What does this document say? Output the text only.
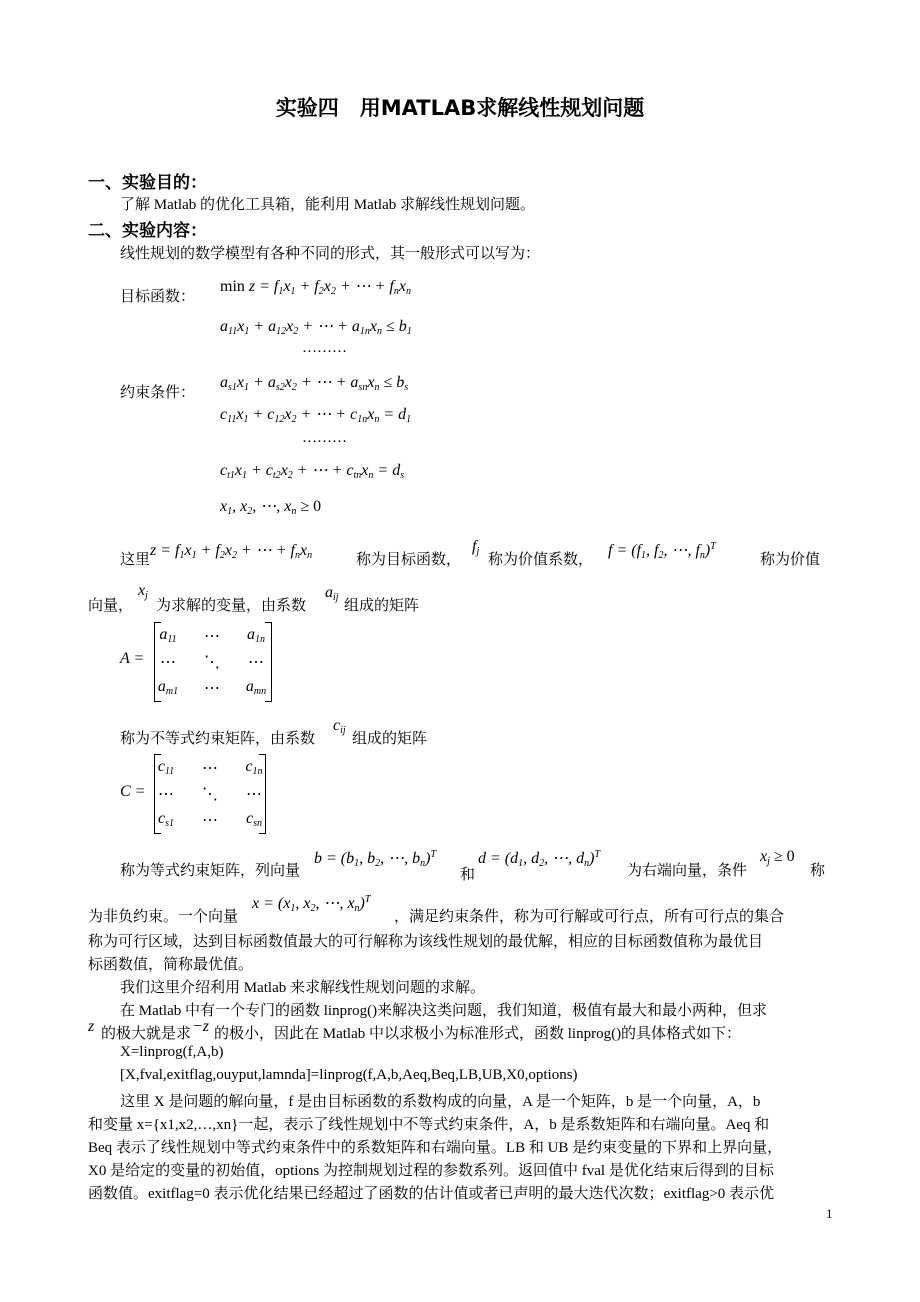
实验四　用MATLAB求解线性规划问题
一、实验目的：
了解 Matlab 的优化工具箱，能利用 Matlab 求解线性规划问题。
二、实验内容：
线性规划的数学模型有各种不同的形式，其一般形式可以写为：
目标函数：
$\min z = f_1x_1 + f_2x_2$ + ⋯ + $f_nx_n$
$a_{11}x_1 + a_{12}x_2$ + ⋯ + $a_{1n}x_n \le b_1$
………
约束条件：
$a_{s1}x_1 + a_{s2}x_2$ + ⋯ + $a_{sn}x_n \le b_s$
$c_{11}x_1 + c_{12}x_2$ + ⋯ + $c_{1n}x_n = d_1$
………
$c_{t1}x_1 + c_{t2}x_2$ + ⋯ + $c_{tn}x_n = d_s$
$x_1$, $x_2$, ⋯, $x_n \ge 0$
这里
$z = f_1x_1 + f_2x_2$ + ⋯ + $f_nx_n$	称为目标函数，
$f_j$
称为价值系数，
$f = (f_1$, $f_2$, ⋯, $f_n)^T$
称为价值
向量，
$x_j$
为求解的变量，由系数
$a_{ij}$
组成的矩阵
A =
$a_{11}$	⋯	$a_{1n}$
⋯	⋱	⋯
$a_{m1}$	⋯	$a_{mn}$
称为不等式约束矩阵，由系数
$c_{ij}$
组成的矩阵
C =
$c_{11}$	⋯	$c_{1n}$
⋯	⋱	⋯
$c_{s1}$	⋯	$c_{sn}$
称为等式约束矩阵，列向量
$b = (b_1$, $b_2$, ⋯, $b_n)^T$
和
$d = (d_1$, $d_2$, ⋯, $d_n)^T$
为右端向量，条件
$x_j \ge 0$
称
为非负约束。一个向量
$x = (x_1$, $x_2$, ⋯, $x_n)^T$
，满足约束条件，称为可行解或可行点，所有可行点的集合
称为可行区域，达到目标函数值最大的可行解称为该线性规划的最优解，相应的目标函数值称为最优目
标函数值，简称最优值。
我们这里介绍利用 Matlab 来求解线性规划问题的求解。
在 Matlab 中有一个专门的函数 linprog()来解决这类问题，我们知道，极值有最大和最小两种，但求
z 的极大就是求 −z 的极小，因此在 Matlab 中以求极小为标准形式，函数 linprog()的具体格式如下：
X=linprog(f,A,b)
[X,fval,exitflag,ouyput,lamnda]=linprog(f,A,b,Aeq,Beq,LB,UB,X0,options)
这里 X 是问题的解向量，f 是由目标函数的系数构成的向量，A 是一个矩阵，b 是一个向量，A，b
和变量 x={x1,x2,…,xn}一起，表示了线性规划中不等式约束条件，A，b 是系数矩阵和右端向量。Aeq 和
Beq 表示了线性规划中等式约束条件中的系数矩阵和右端向量。LB 和 UB 是约束变量的下界和上界向量，
X0 是给定的变量的初始值，options 为控制规划过程的参数系列。返回值中 fval 是优化结束后得到的目标
函数值。exitflag=0 表示优化结果已经超过了函数的估计值或者已声明的最大迭代次数；exitflag>0 表示优
1
